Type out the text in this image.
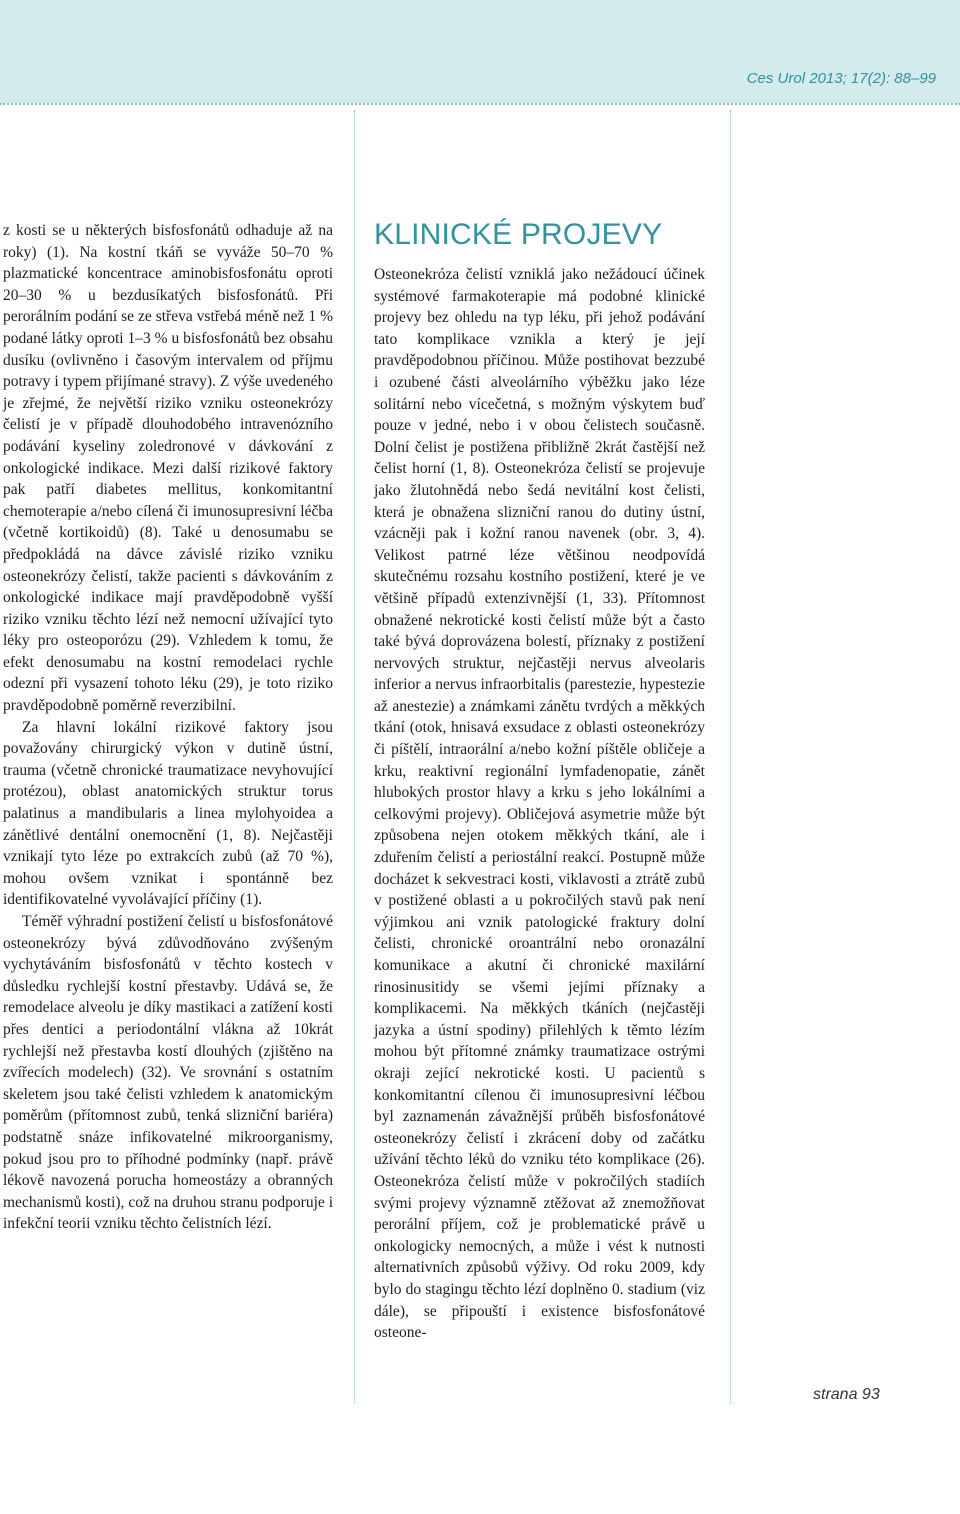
Ces Urol 2013; 17(2): 88–99

z kosti se u některých bisfosfonátů odhaduje až na roky) (1). Na kostní tkáň se vyváže 50–70 % plazmatické koncentrace aminobisfosfonátu oproti 20–30 % u bezdusíkatých bisfosfonátů. Při perorálním podání se ze střeva vstřebá méně než 1 % podané látky oproti 1–3 % u bisfosfonátů bez obsahu dusíku (ovlivněno i časovým intervalem od příjmu potravy i typem přijímané stravy). Z výše uvedeného je zřejmé, že největší riziko vzniku osteonekrózy čelistí je v případě dlouhodobého intravenózního podávání kyseliny zoledronové v dávkování z onkologické indikace. Mezi další rizikové faktory pak patří diabetes mellitus, konkomitantní chemoterapie a/nebo cílená či imunosupresivní léčba (včetně kortikoidů) (8). Také u denosumabu se předpokládá na dávce závislé riziko vzniku osteonekrózy čelistí, takže pacienti s dávkováním z onkologické indikace mají pravděpodobně vyšší riziko vzniku těchto lézí než nemocní užívající tyto léky pro osteoporózu (29). Vzhledem k tomu, že efekt denosumabu na kostní remodelaci rychle odezní při vysazení tohoto léku (29), je toto riziko pravděpodobně poměrně reverzibilní.

Za hlavní lokální rizikové faktory jsou považovány chirurgický výkon v dutině ústní, trauma (včetně chronické traumatizace nevyhovující protézou), oblast anatomických struktur torus palatinus a mandibularis a linea mylohyoidea a zánětlivé dentální onemocnění (1, 8). Nejčastěji vznikají tyto léze po extrakcích zubů (až 70 %), mohou ovšem vznikat i spontánně bez identifikovatelné vyvolávající příčiny (1).

Téměř výhradní postižení čelistí u bisfosfonátové osteonekrózy bývá zdůvodňováno zvýšeným vychytáváním bisfosfonátů v těchto kostech v důsledku rychlejší kostní přestavby. Udává se, že remodelace alveolu je díky mastikaci a zatížení kosti přes dentici a periodontální vlákna až 10krát rychlejší než přestavba kostí dlouhých (zjištěno na zvířecích modelech) (32). Ve srovnání s ostatním skeletem jsou také čelisti vzhledem k anatomickým poměrům (přítomnost zubů, tenká slizniční bariéra) podstatně snáze infikovatelné mikroorganismy, pokud jsou pro to příhodné podmínky (např. právě lékově navozená porucha homeostázy a obranných mechanismů kosti), což na druhou stranu podporuje i infekční teorii vzniku těchto čelistních lézí.

KLINICKÉ PROJEVY

Osteonekróza čelistí vzniklá jako nežádoucí účinek systémové farmakoterapie má podobné klinické projevy bez ohledu na typ léku, při jehož podávání tato komplikace vznikla a který je její pravděpodobnou příčinou. Může postihovat bezzubé i ozubené části alveolárního výběžku jako léze solitární nebo vícečetná, s možným výskytem buď pouze v jedné, nebo i v obou čelistech současně. Dolní čelist je postižena přibližně 2krát častější než čelist horní (1, 8). Osteonekróza čelistí se projevuje jako žlutohnědá nebo šedá nevitální kost čelisti, která je obnažena slizniční ranou do dutiny ústní, vzácněji pak i kožní ranou navenek (obr. 3, 4). Velikost patrné léze většinou neodpovídá skutečnému rozsahu kostního postižení, které je ve většině případů extenzivnější (1, 33). Přítomnost obnažené nekrotické kosti čelistí může být a často také bývá doprovázena bolestí, příznaky z postižení nervových struktur, nejčastěji nervus alveolaris inferior a nervus infraorbitalis (parestezie, hypestezie až anestezie) a známkami zánětu tvrdých a měkkých tkání (otok, hnisavá exsudace z oblasti osteonekrózy či píštělí, intraorální a/nebo kožní píštěle obličeje a krku, reaktivní regionální lymfadenopatie, zánět hlubokých prostor hlavy a krku s jeho lokálními a celkovými projevy). Obličejová asymetrie může být způsobena nejen otokem měkkých tkání, ale i zduřením čelistí a periostální reakcí. Postupně může docházet k sekvestraci kosti, viklavosti a ztrátě zubů v postižené oblasti a u pokročilých stavů pak není výjimkou ani vznik patologické fraktury dolní čelisti, chronické oroantrální nebo oronazální komunikace a akutní či chronické maxilární rinosinusitidy se všemi jejími příznaky a komplikacemi. Na měkkých tkáních (nejčastěji jazyka a ústní spodiny) přilehlých k těmto lézím mohou být přítomné známky traumatizace ostrými okraji zející nekrotické kosti. U pacientů s konkomitantní cílenou či imunosupresivní léčbou byl zaznamenán závažnější průběh bisfosfonátové osteonekrózy čelistí i zkrácení doby od začátku užívání těchto léků do vzniku této komplikace (26). Osteonekróza čelistí může v pokročilých stadiích svými projevy významně ztěžovat až znemožňovat perorální příjem, což je problematické právě u onkologicky nemocných, a může i vést k nutnosti alternativních způsobů výživy. Od roku 2009, kdy bylo do stagingu těchto lézí doplněno 0. stadium (viz dále), se připouští i existence bisfosfonátové osteone-

strana 93
